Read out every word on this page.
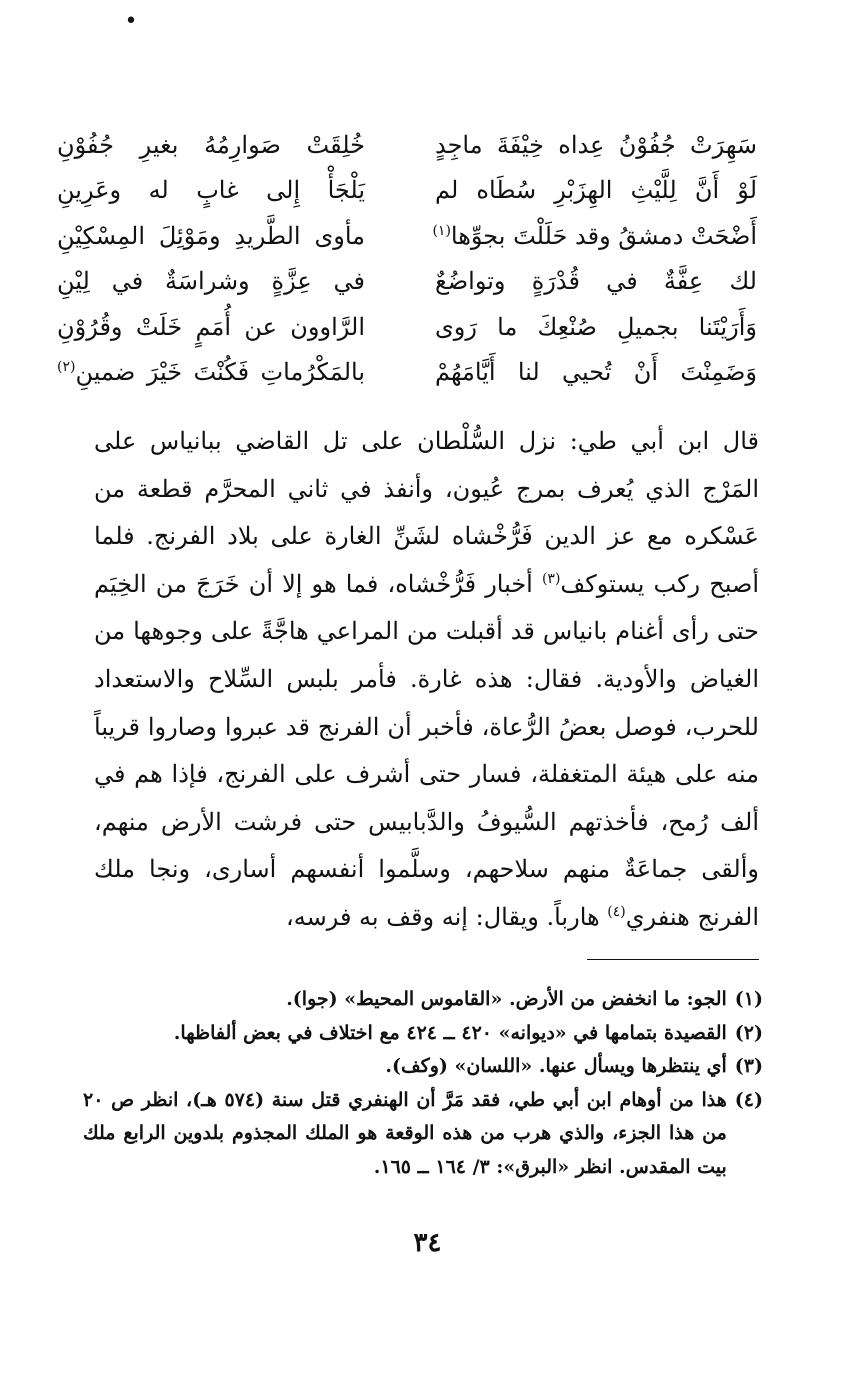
•
سَهِرَتْ جُفُوْنُ عِداه خِيْفَةَ ماجِدٍ
خُلِقَتْ صَوارِمُهُ بغيرِ جُفُوْنِ
لَوْ أَنَّ لِلَّيْثِ الهِزَبْرِ سُطَاه لم
يَلْجَأْ إِلى غابٍ له وعَرِينِ
أَضْحَتْ دمشقُ وقد حَلَلْتَ بجوِّها$^{(١)}$
مأوى الطَّريدِ ومَوْئِلَ المِسْكِيْنِ
لك عِفَّةٌ في قُدْرَةٍ وتواضُعٌ
في عِزَّةٍ وشراسَةٌ في لِيْنِ
وَأَرَيْتَنا بجميلِ صُنْعِكَ ما رَوى
الرَّاوون عن أُمَمٍ خَلَتْ وقُرُوْنِ
وَضَمِنْتَ أَنْ تُحيي لنا أَيَّامَهُمْ
بالمَكْرُماتِ فَكُنْتَ خَيْرَ ضمينِ$^{(٢)}$

قال ابن أبي طي: نزل السُّلْطان على تل القاضي ببانياس على المَرْج الذي يُعرف بمرج عُيون، وأنفذ في ثاني المحرَّم قطعة من عَسْكره مع عز الدين فَرُّخْشاه لشَنِّ الغارة على بلاد الفرنج. فلما أصبح ركب يستوكف$^{(٣)}$ أخبار فَرُّخْشاه، فما هو إلا أن خَرَجَ من الخِيَم حتى رأى أغنام بانياس قد أقبلت من المراعي هاجَّةً على وجوهها من الغياض والأودية. فقال: هذه غارة. فأمر بلبس السِّلاح والاستعداد للحرب، فوصل بعضُ الرُّعاة، فأخبر أن الفرنج قد عبروا وصاروا قريباً منه على هيئة المتغفلة، فسار حتى أشرف على الفرنج، فإذا هم في ألف رُمح، فأخذتهم السُّيوفُ والدَّبابيس حتى فرشت الأرض منهم، وألقى جماعَةٌ منهم سلاحهم، وسلَّموا أنفسهم أسارى، ونجا ملك الفرنج هنفري$^{(٤)}$ هارباً. ويقال: إنه وقف به فرسه،

(١)
الجو: ما انخفض من الأرض. «القاموس المحيط» (جوا).
(٢)
القصيدة بتمامها في «ديوانه» ٤٢٠ ــ ٤٢٤ مع اختلاف في بعض ألفاظها.
(٣)
أي ينتظرها ويسأل عنها. «اللسان» (وكف).
(٤)
هذا من أوهام ابن أبي طي، فقد مَرَّ أن الهنفري قتل سنة (٥٧٤ هـ)، انظر ص ٢٠ من هذا الجزء، والذي هرب من هذه الوقعة هو الملك المجذوم بلدوين الرابع ملك بيت المقدس. انظر «البرق»: ٣/ ١٦٤ ــ ١٦٥.
٣٤
